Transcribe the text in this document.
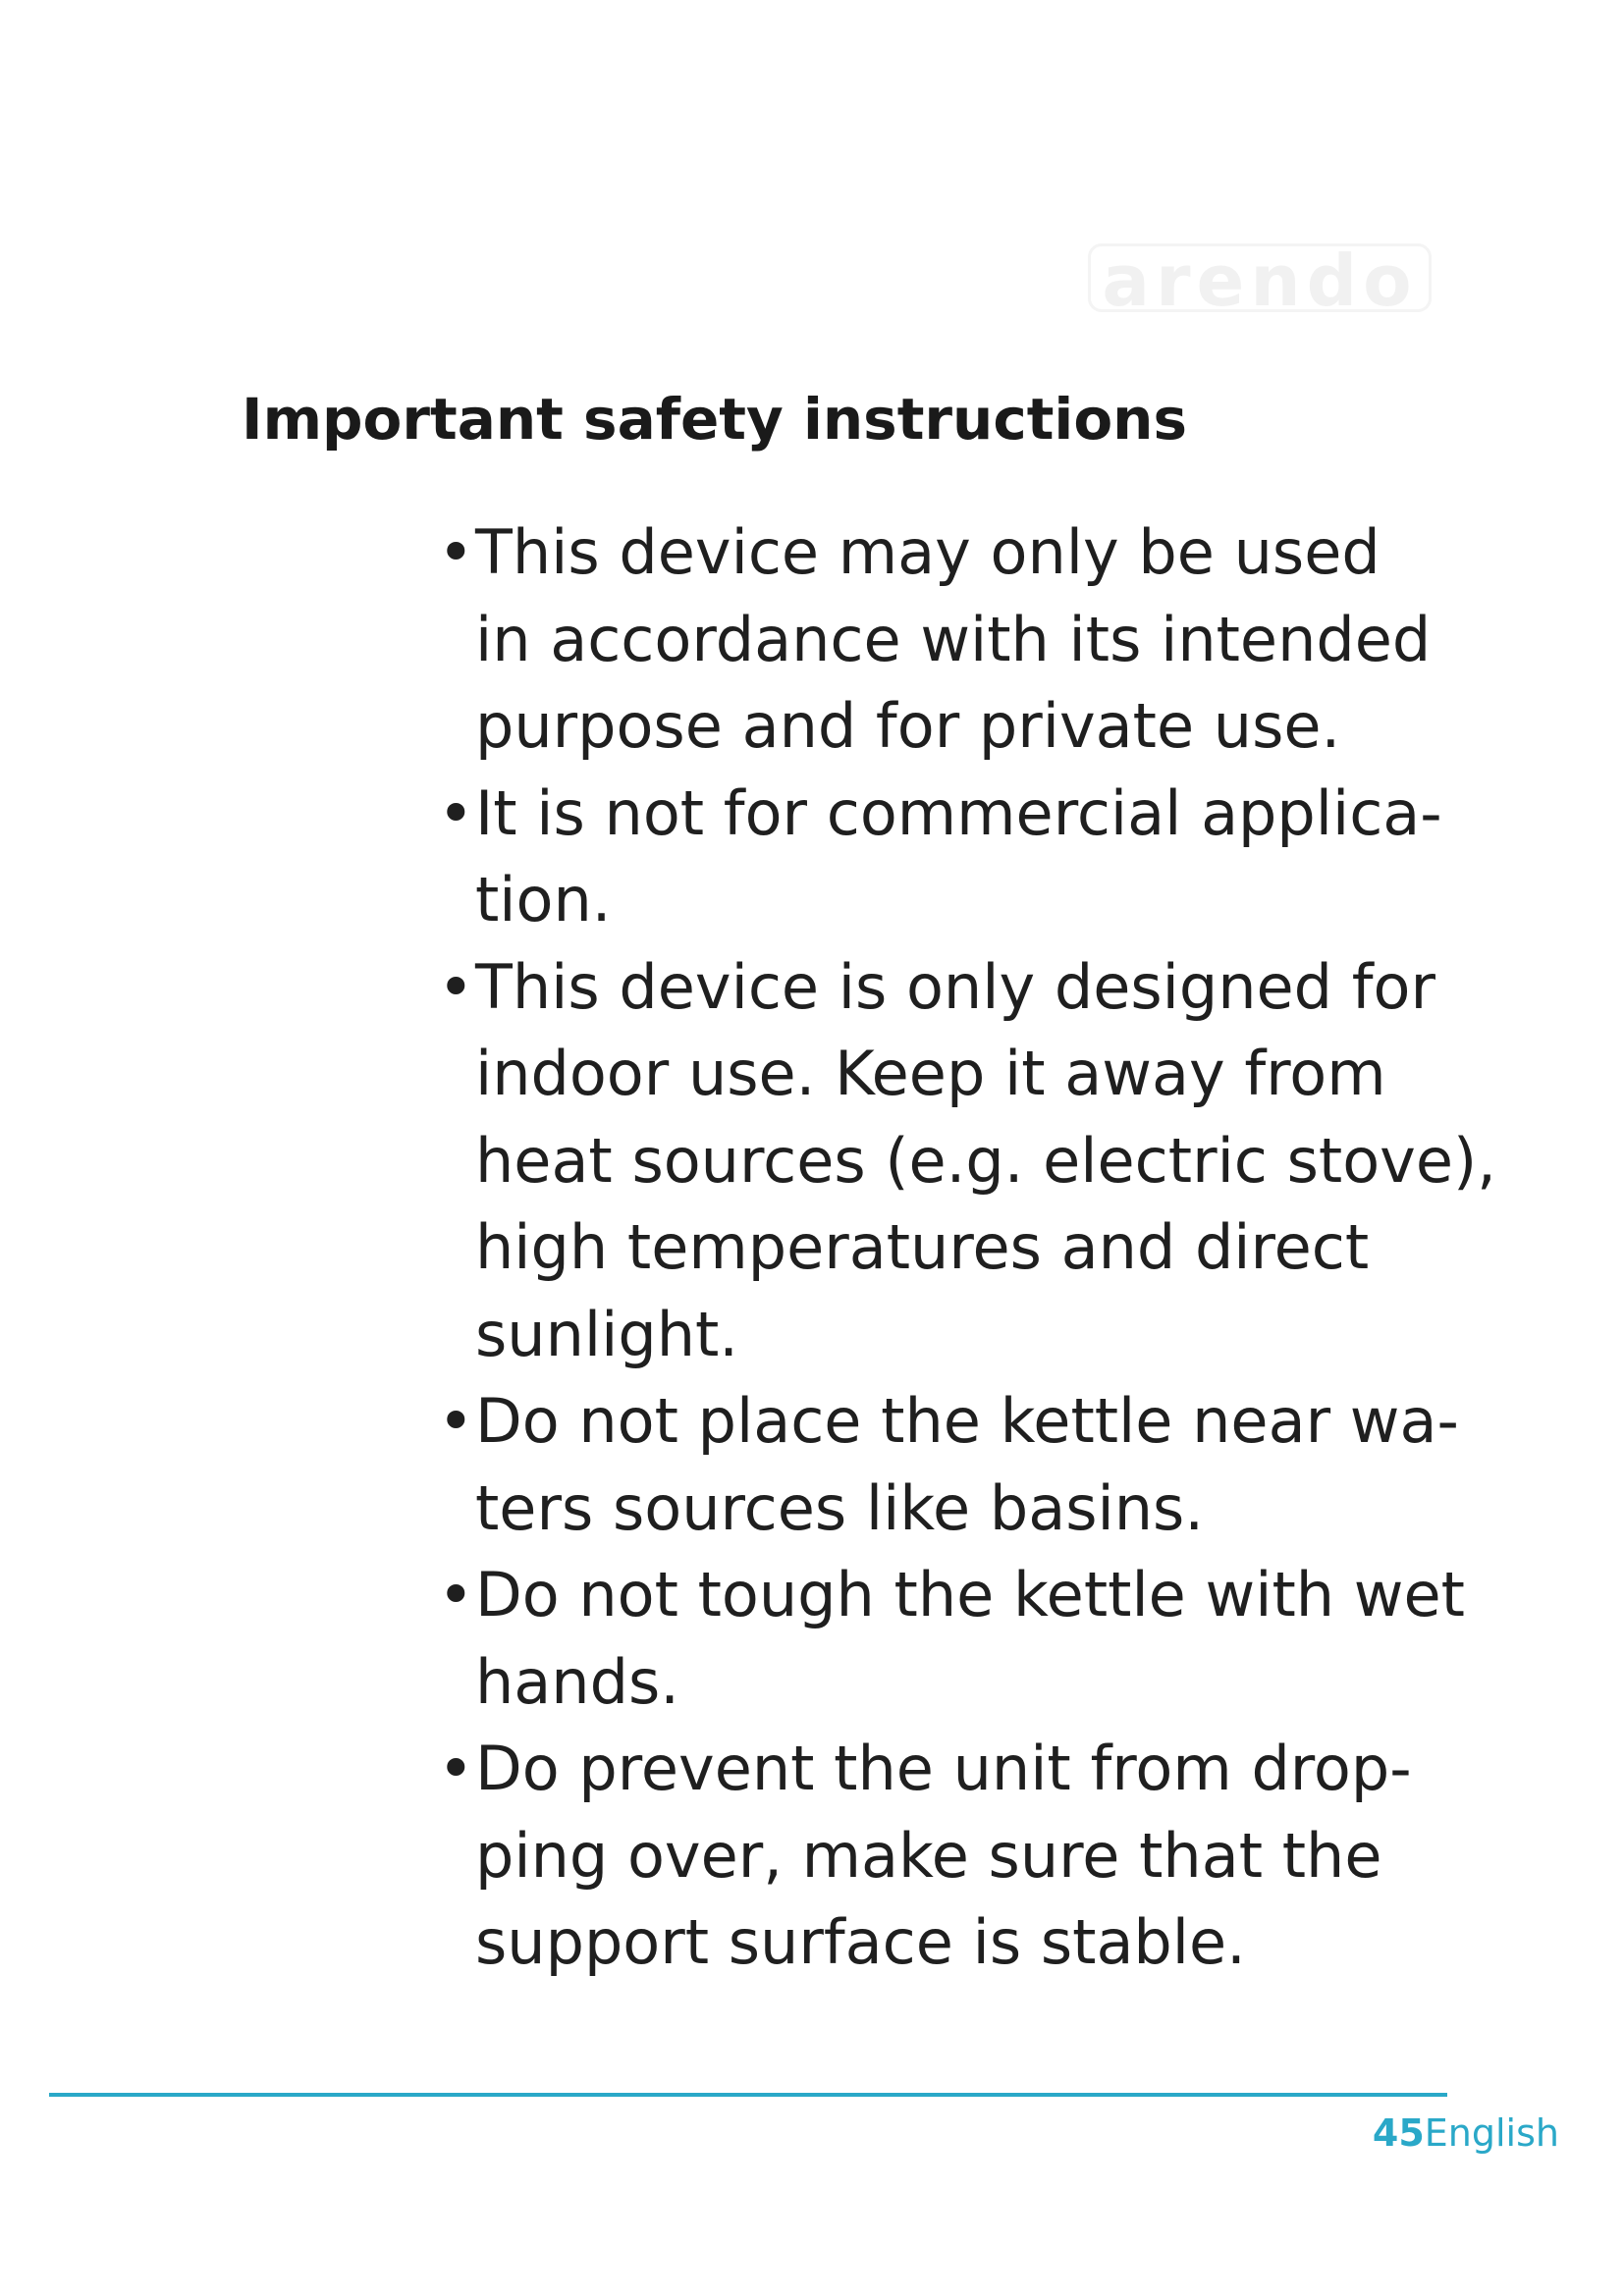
arendo
Important safety instructions
• This device may only be used
in accordance with its intended
purpose and for private use.
• It is not for commercial applica-
tion.
• This device is only designed for
indoor use. Keep it away from
heat sources (e.g. electric stove),
high temperatures and direct
sunlight.
• Do not place the kettle near wa-
ters sources like basins.
• Do not tough the kettle with wet
hands.
• Do prevent the unit from drop-
ping over, make sure that the
support surface is stable.
45English
